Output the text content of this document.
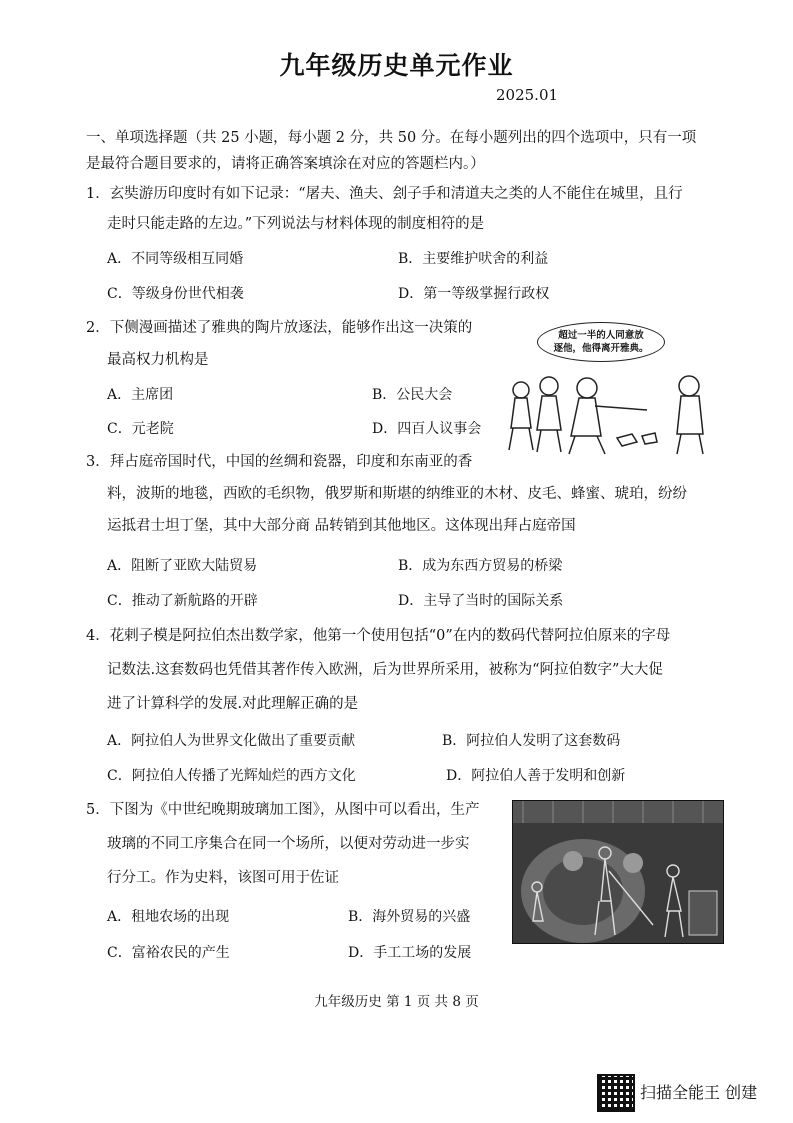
九年级历史单元作业
2025.01
一、单项选择题（共 25 小题，每小题 2 分，共 50 分。在每小题列出的四个选项中，只有一项
是最符合题目要求的，请将正确答案填涂在对应的答题栏内。）
1．玄奘游历印度时有如下记录：“屠夫、渔夫、刽子手和清道夫之类的人不能住在城里，且行
走时只能走路的左边。”下列说法与材料体现的制度相符的是
A．不同等级相互同婚	B．主要维护吠舍的利益
C．等级身份世代相袭	D．第一等级掌握行政权
2．下侧漫画描述了雅典的陶片放逐法，能够作出这一决策的
最高权力机构是
A．主席团	B．公民大会
C．元老院	D．四百人议事会
超过一半的人同意放
逐他，他得离开雅典。
3．拜占庭帝国时代，中国的丝绸和瓷器，印度和东南亚的香
料，波斯的地毯，西欧的毛织物，俄罗斯和斯堪的纳维亚的木材、皮毛、蜂蜜、琥珀，纷纷
运抵君士坦丁堡，其中大部分商 品转销到其他地区。这体现出拜占庭帝国
A．阻断了亚欧大陆贸易	B．成为东西方贸易的桥梁
C．推动了新航路的开辟	D．主导了当时的国际关系
4．花剌子模是阿拉伯杰出数学家，他第一个使用包括“0”在内的数码代替阿拉伯原来的字母
记数法.这套数码也凭借其著作传入欧洲，后为世界所采用，被称为“阿拉伯数字”大大促
进了计算科学的发展.对此理解正确的是
A．阿拉伯人为世界文化做出了重要贡献	B．阿拉伯人发明了这套数码
C．阿拉伯人传播了光辉灿烂的西方文化	D．阿拉伯人善于发明和创新
5．下图为《中世纪晚期玻璃加工图》，从图中可以看出，生产
玻璃的不同工序集合在同一个场所，以便对劳动进一步实
行分工。作为史料，该图可用于佐证
A．租地农场的出现	B．海外贸易的兴盛
C．富裕农民的产生	D．手工工场的发展
九年级历史 第 1 页 共 8 页
扫描全能王 创建
